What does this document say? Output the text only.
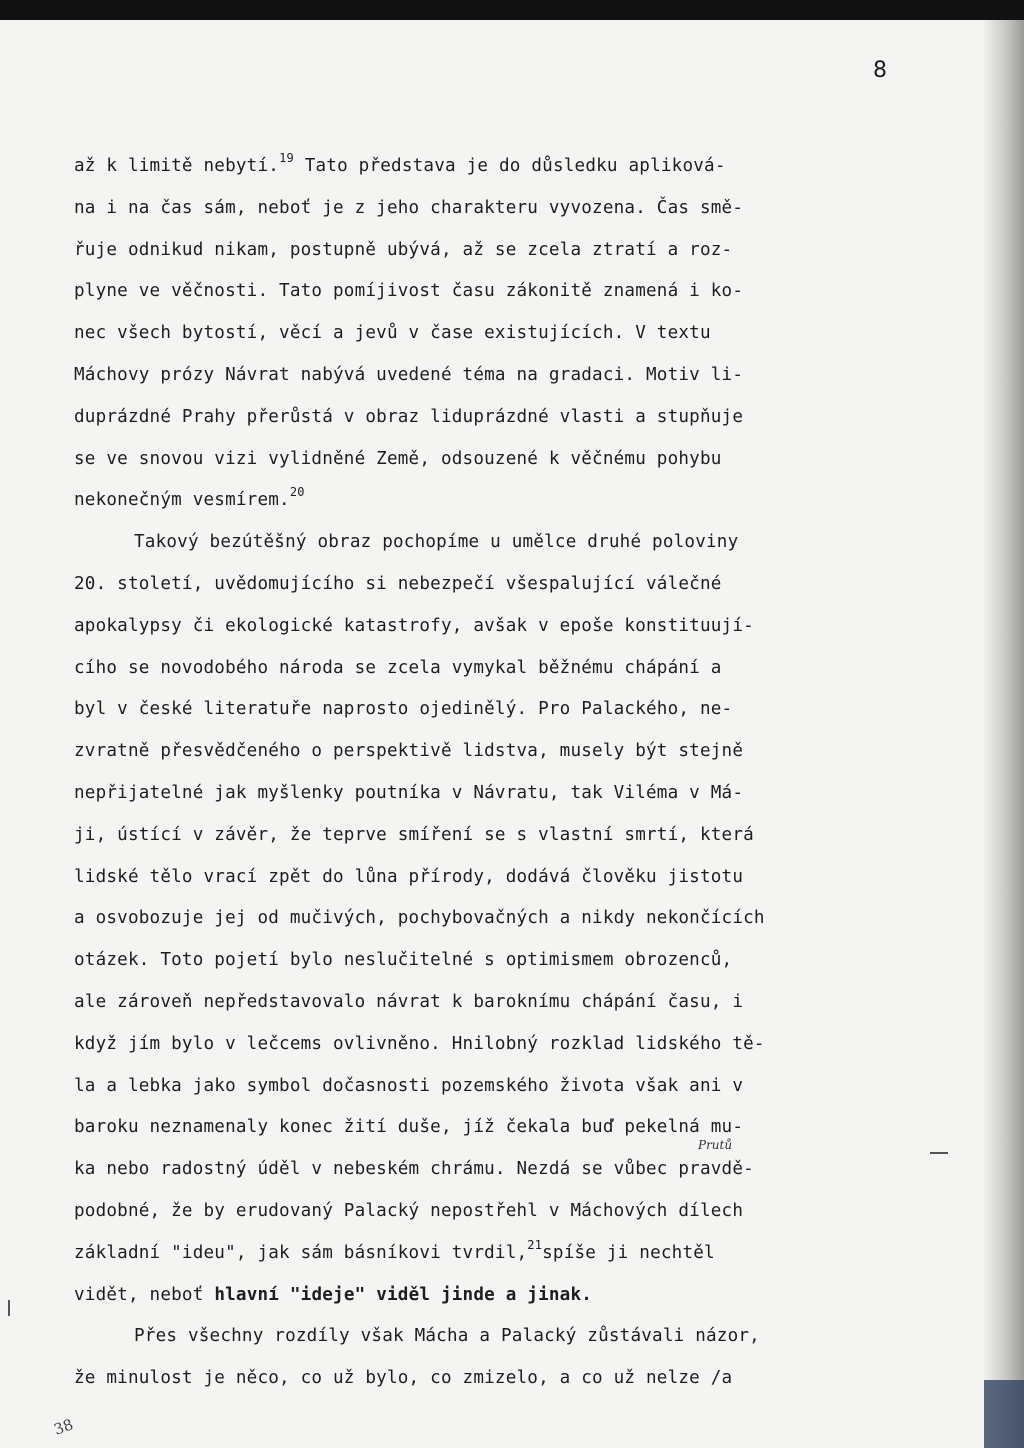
8
až k limitě nebytí.$^{19}$ Tato představa je do důsledku apliková-
na i na čas sám, neboť je z jeho charakteru vyvozena. Čas smě-
řuje odnikud nikam, postupně ubývá, až se zcela ztratí a roz-
plyne ve věčnosti. Tato pomíjivost času zákonitě znamená i ko-
nec všech bytostí, věcí a jevů v čase existujících. V textu
Máchovy prózy Návrat nabývá uvedené téma na gradaci. Motiv li-
duprázdné Prahy přerůstá v obraz liduprázdné vlasti a stupňuje
se ve snovou vizi vylidněné Země, odsouzené k věčnému pohybu
nekonečným vesmírem.$^{20}$
Takový bezútěšný obraz pochopíme u umělce druhé poloviny
20. století, uvědomujícího si nebezpečí všespalující válečné
apokalypsy či ekologické katastrofy, avšak v epoše konstituují-
cího se novodobého národa se zcela vymykal běžnému chápání a
byl v české literatuře naprosto ojedinělý. Pro Palackého, ne-
zvratně přesvědčeného o perspektivě lidstva, musely být stejně
nepřijatelné jak myšlenky poutníka v Návratu, tak Viléma v Má-
ji, ústící v závěr, že teprve smíření se s vlastní smrtí, která
lidské tělo vrací zpět do lůna přírody, dodává člověku jistotu
a osvobozuje jej od mučivých, pochybovačných a nikdy nekončících
otázek. Toto pojetí bylo neslučitelné s optimismem obrozenců,
ale zároveň nepředstavovalo návrat k baroknímu chápání času, i
když jím bylo v lečcems ovlivněno. Hnilobný rozklad lidského tě-
la a lebka jako symbol dočasnosti pozemského života však ani v
baroku neznamenaly konec žití duše, jíž čekala buď pekelná mu-
ka nebo radostný úděl v nebeském chrámu. Nezdá se vůbec pravdě-
podobné, že by erudovaný Palacký nepostřehl v Máchových dílech
základní "ideu", jak sám básníkovi tvrdil,$^{21}$spíše ji nechtěl
vidět, neboť hlavní "ideje" viděl jinde a jinak.
Přes všechny rozdíly však Mácha a Palacký zůstávali názor,
že minulost je něco, co už bylo, co zmizelo, a co už nelze /a
Prutů
38
